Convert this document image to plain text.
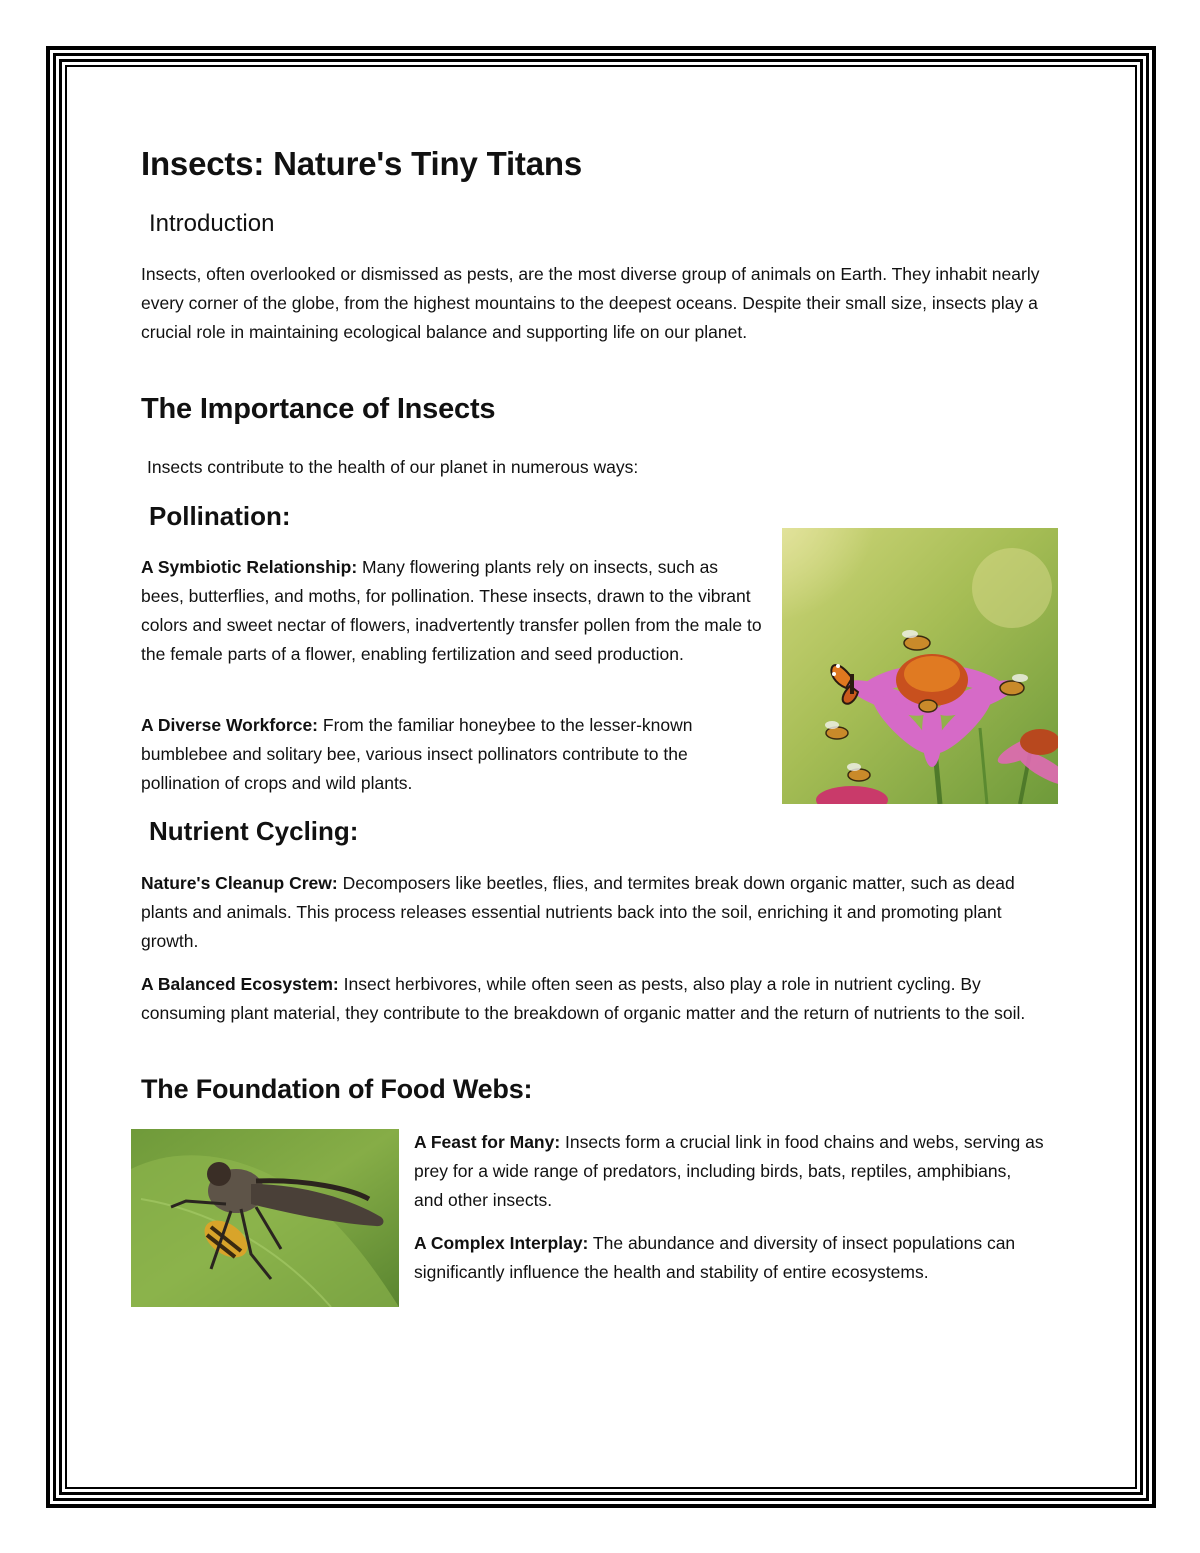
Insects: Nature's Tiny Titans
Introduction

Insects, often overlooked or dismissed as pests, are the most diverse group of animals on Earth. They inhabit nearly every corner of the globe, from the highest mountains to the deepest oceans. Despite their small size, insects play a crucial role in maintaining ecological balance and supporting life on our planet.

The Importance of Insects

Insects contribute to the health of our planet in numerous ways:

Pollination:

A Symbiotic Relationship: Many flowering plants rely on insects, such as bees, butterflies, and moths, for pollination. These insects, drawn to the vibrant colors and sweet nectar of flowers, inadvertently transfer pollen from the male to the female parts of a flower, enabling fertilization and seed production.

A Diverse Workforce: From the familiar honeybee to the lesser-known bumblebee and solitary bee, various insect pollinators contribute to the pollination of crops and wild plants.

Nutrient Cycling:

Nature's Cleanup Crew: Decomposers like beetles, flies, and termites break down organic matter, such as dead plants and animals. This process releases essential nutrients back into the soil, enriching it and promoting plant growth.

A Balanced Ecosystem: Insect herbivores, while often seen as pests, also play a role in nutrient cycling. By consuming plant material, they contribute to the breakdown of organic matter and the return of nutrients to the soil.

The Foundation of Food Webs:

A Feast for Many: Insects form a crucial link in food chains and webs, serving as prey for a wide range of predators, including birds, bats, reptiles, amphibians, and other insects.

A Complex Interplay: The abundance and diversity of insect populations can significantly influence the health and stability of entire ecosystems.
